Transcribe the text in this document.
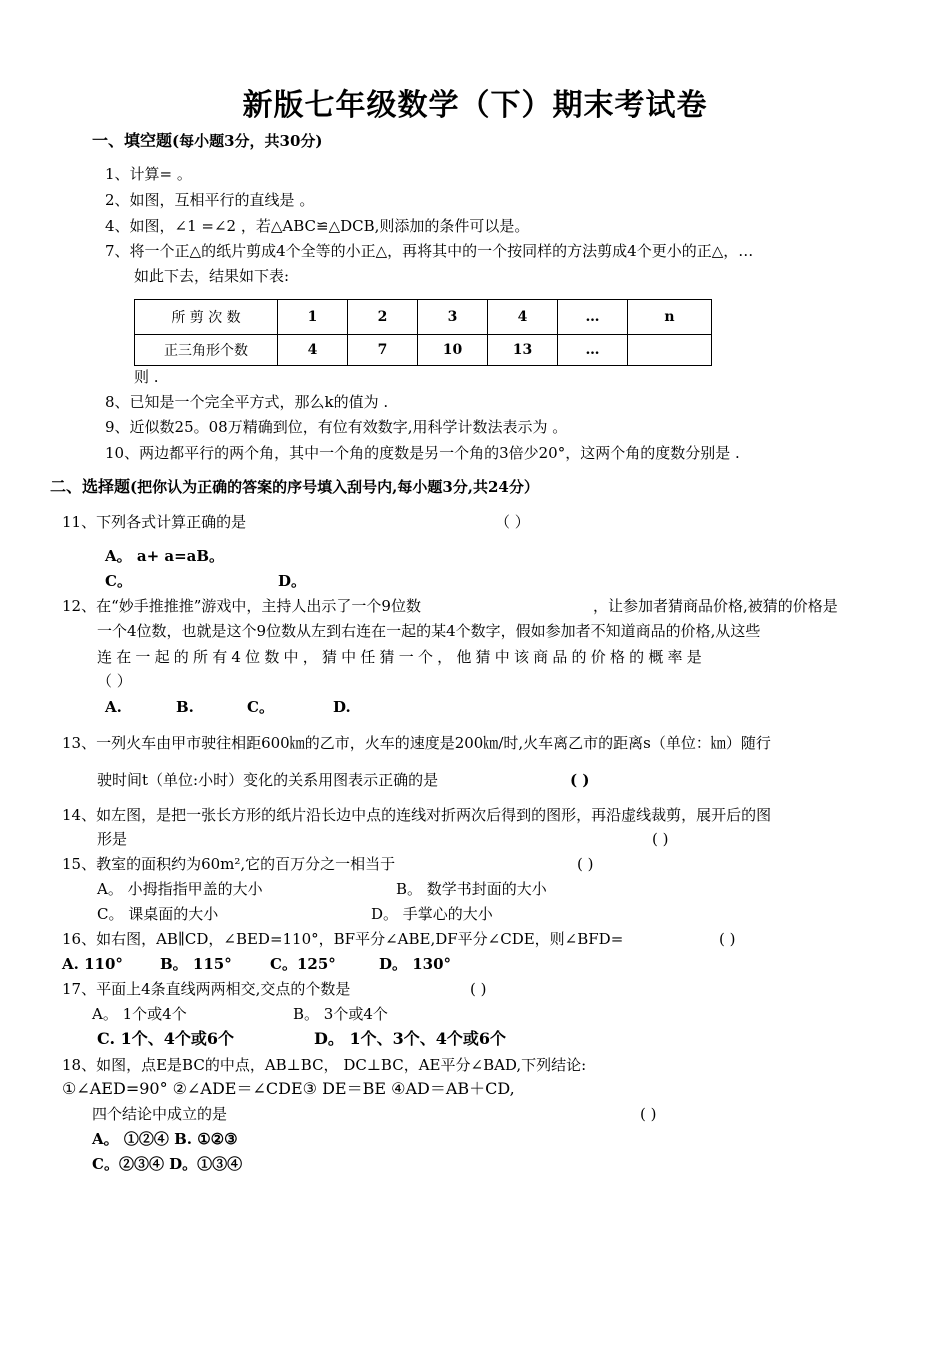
新版七年级数学（下）期末考试卷
一、填空题(每小题3分，共30分)
1、计算= 。
2、如图，互相平行的直线是 。
4、如图，∠1 =∠2 ，若△ABC≌△DCB,则添加的条件可以是。
7、将一个正△的纸片剪成4个全等的小正△，再将其中的一个按同样的方法剪成4个更小的正△，…
如此下去，结果如下表:
所 剪 次 数	1	2	3	4	…	n
正三角形个数	4	7	10	13	…	
则 .
8、已知是一个完全平方式，那么k的值为 .
9、近似数25。08万精确到位，有位有效数字,用科学计数法表示为 。
10、两边都平行的两个角，其中一个角的度数是另一个角的3倍少20°，这两个角的度数分别是 .
二、选择题(把你认为正确的答案的序号填入刮号内,每小题3分,共24分）
11、下列各式计算正确的是	（ ）
A。 a+ a=aB。
C。	D。
12、在“妙手推推推”游戏中，主持人出示了一个9位数	，让参加者猜商品价格,被猜的价格是
一个4位数，也就是这个9位数从左到右连在一起的某4个数字，假如参加者不知道商品的价格,从这些
连在一起的所有4位数中，猜中任猜一个，他猜中该商品的价格的概率是
（ ）
A.	B.	C。	D.
13、一列火车由甲市驶往相距600㎞的乙市，火车的速度是200㎞/时,火车离乙市的距离s（单位：㎞）随行
驶时间t（单位:小时）变化的关系用图表示正确的是	( )
14、如左图，是把一张长方形的纸片沿长边中点的连线对折两次后得到的图形，再沿虚线裁剪，展开后的图
形是	( )
15、教室的面积约为60m²,它的百万分之一相当于	( )
A。 小拇指指甲盖的大小	B。 数学书封面的大小
C。 课桌面的大小	D。 手掌心的大小
16、如右图，AB∥CD，∠BED=110°，BF平分∠ABE,DF平分∠CDE，则∠BFD=	( )
A. 110° B。 115°	C。125°	D。 130°
17、平面上4条直线两两相交,交点的个数是	( )
A。 1个或4个	B。 3个或4个
C. 1个、4个或6个	D。 1个、3个、4个或6个
18、如图，点E是BC的中点，AB⊥BC， DC⊥BC，AE平分∠BAD,下列结论:
①∠AED=90° ②∠ADE＝∠CDE③ DE＝BE ④AD＝AB＋CD,
四个结论中成立的是	( )
A。 ①②④ B. ①②③
C。②③④ D。①③④
